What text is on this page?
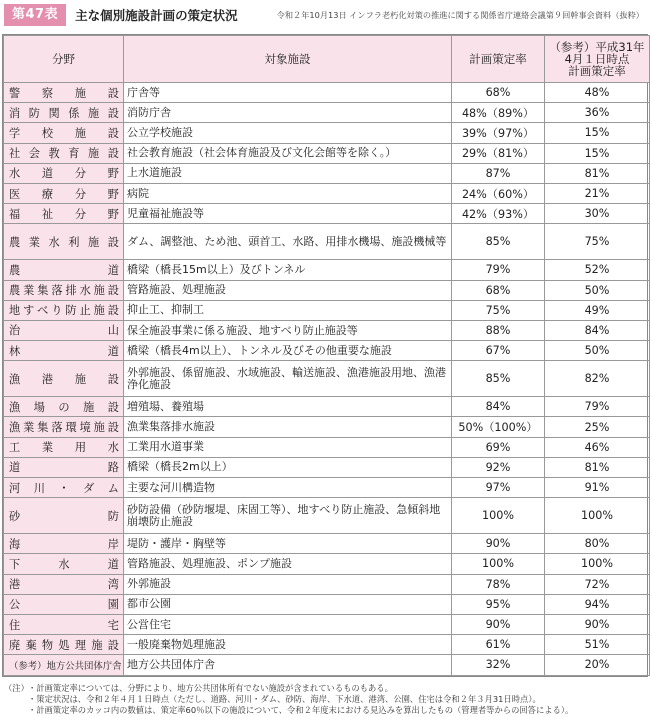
第47表	主な個別施設計画の策定状況	令和２年10月13日 インフラ老朽化対策の推進に関する関係省庁連絡会議第９回幹事会資料（抜粋）
分野	対象施設	計画策定率	（参考）平成31年
4月１日時点
計画策定率

警察施設	庁舎等	68%	48%
消防関係施設	消防庁舎	48%（89%）	36%
学校施設	公立学校施設	39%（97%）	15%
社会教育施設	社会教育施設（社会体育施設及び文化会館等を除く。）	29%（81%）	15%
水道分野	上水道施設	87%	81%
医療分野	病院	24%（60%）	21%
福祉分野	児童福祉施設等	42%（93%）	30%
農業水利施設	ダム、調整池、ため池、頭首工、水路、用排水機場、施設機械等	85%	75%
農道	橋梁（橋長15m以上）及びトンネル	79%	52%
農業集落排水施設	管路施設、処理施設	68%	50%
地すべり防止施設	抑止工、抑制工	75%	49%
治山	保全施設事業に係る施設、地すべり防止施設等	88%	84%
林道	橋梁（橋長4m以上）、トンネル及びその他重要な施設	67%	50%
漁港施設	外郭施設、係留施設、水域施設、輸送施設、漁港施設用地、漁港浄化施設	85%	82%
漁場の施設	増殖場、養殖場	84%	79%
漁業集落環境施設	漁業集落排水施設	50%（100%）	25%
工業用水	工業用水道事業	69%	46%
道路	橋梁（橋長2m以上）	92%	81%
河川・ダム	主要な河川構造物	97%	91%
砂防	砂防設備（砂防堰堤、床固工等）、地すべり防止施設、急傾斜地崩壊防止施設	100%	100%
海岸	堤防・護岸・胸壁等	90%	80%
下水道	管路施設、処理施設、ポンプ施設	100%	100%
港湾	外郭施設	78%	72%
公園	都市公園	95%	94%
住宅	公営住宅	90%	90%
廃棄物処理施設	一般廃棄物処理施設	61%	51%
（参考）地方公共団体庁舎	地方公共団体庁舎	32%	20%
（注） ・計画策定率については、分野により、地方公共団体所有でない施設が含まれているものもある。
・策定状況は、令和２年４月１日時点（ただし、道路、河川・ダム、砂防、海岸、下水道、港湾、公園、住宅は令和２年３月31日時点）。
・計画策定率のカッコ内の数値は、策定率60％以下の施設について、令和２年度末における見込みを算出したもの（管理者等からの回答による）。
